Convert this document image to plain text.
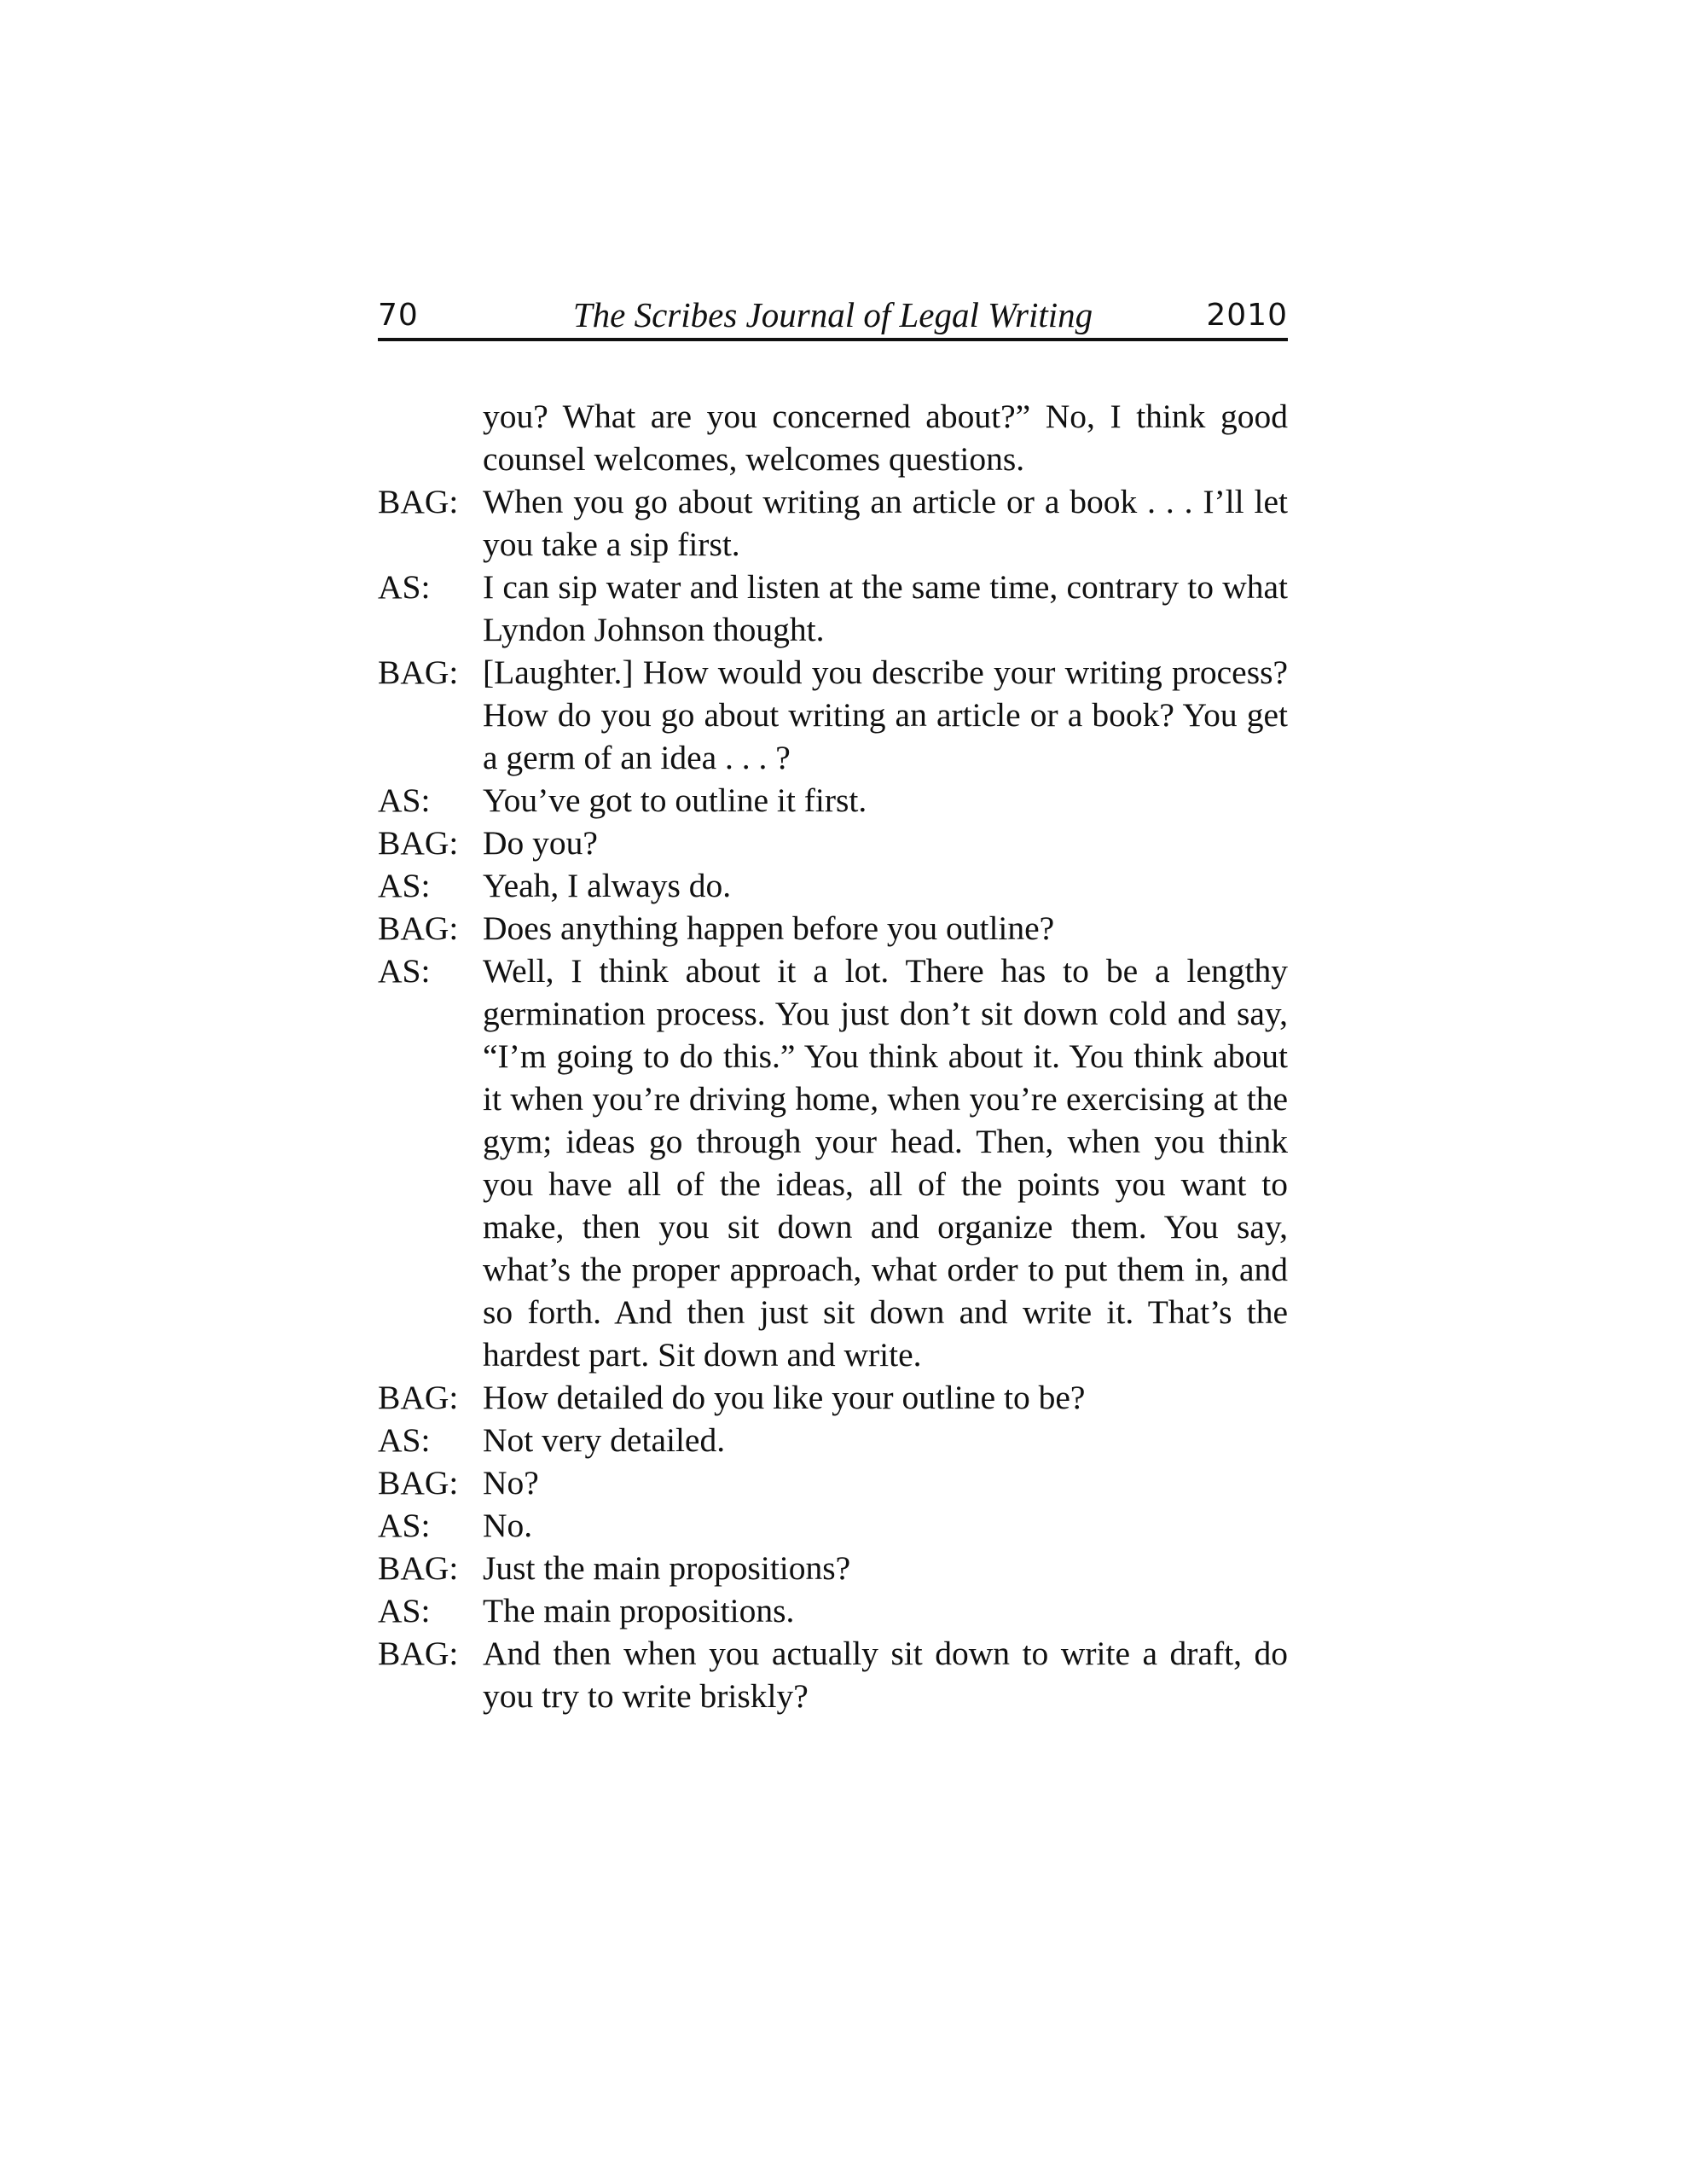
70	The Scribes Journal of Legal Writing	2010
you? What are you concerned about?” No, I think good counsel welcomes, welcomes questions.
BAG: When you go about writing an article or a book . . . I’ll let you take a sip first.
AS:	I can sip water and listen at the same time, contrary to what Lyndon Johnson thought.
BAG: [Laughter.] How would you describe your writing process? How do you go about writing an article or a book? You get a germ of an idea . . . ?
AS:	You’ve got to outline it first.
BAG: Do you?
AS:	Yeah, I always do.
BAG: Does anything happen before you outline?
AS:	Well, I think about it a lot. There has to be a lengthy germination process. You just don’t sit down cold and say, “I’m going to do this.” You think about it. You think about it when you’re driving home, when you’re exercising at the gym; ideas go through your head. Then, when you think you have all of the ideas, all of the points you want to make, then you sit down and organize them. You say, what’s the proper approach, what order to put them in, and so forth. And then just sit down and write it. That’s the hardest part. Sit down and write.
BAG: How detailed do you like your outline to be?
AS:	Not very detailed.
BAG: No?
AS:	No.
BAG: Just the main propositions?
AS:	The main propositions.
BAG: And then when you actually sit down to write a draft, do you try to write briskly?
